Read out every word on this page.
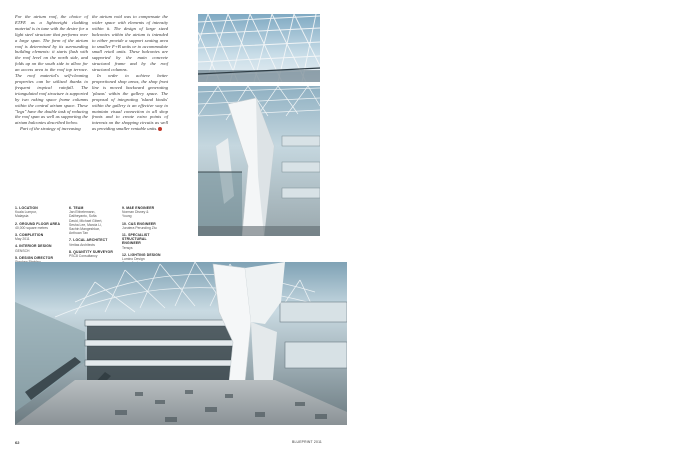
For the atrium roof, the choice of ETFE as a lightweight cladding material is in tune with the desire for a light steel structure that performs over a large span. The form of the atrium roof is determined by its surrounding building elements: it starts flush with the roof level on the north side, and folds up on the south side to allow for an access area to the roof top terrace. The roof material's self-cleaning properties can be utilised thanks to frequent tropical rainfall. The triangulated roof structure is supported by two raking space frame columns within the central atrium space. These "legs" have the double task of reducing the roof span as well as supporting the atrium balconies described below.

Part of the strategy of increasing

the atrium void was to compensate the wider space with elements of intensity within it. The design of large sized balconies within the atrium is intended to either provide a support seating area to smaller F+B units or to accommodate small retail units. These balconies are supported by the main concrete structural frame and by the roof structural columns.

In order to achieve better proportioned shop areas, the shop front line is moved backward generating 'plazas' within the gallery space. The proposal of integrating 'island kiosks' within the gallery is an effective way to maintain visual connection to all shop fronts and to create extra points of interests on the shopping circuits as well as providing smaller rentable units.

1. LOCATION
Kuala Lumpur,
Malaysia
2. GROUND FLOOR AREA
40,000 square metres
3. COMPLETION
May 2011
4. INTERIOR DESIGN
GENSCH
5. DESIGN DIRECTOR
6. TEAM
Jan Ebbelemann,
Daliheyanto, Sofia
David, Michael Gibert,
Sesha Lee, Marcia Li,
Sachin Mangeshkar,
Anthuan Tan
7. LOCAL ARCHITECT
Veritas Architects
8. QUANTITY SURVEYOR
PSC8 Consultancy
9. M&E ENGINEER
Norman Disney &
Young
10. C&S ENGINEER
Jurutera Perunding Ztu
11. SPECIALIST STRUCTURAL
ENGINEER
Tensys
12. LIGHTING DESIGN
Lumino Design

62	BLUEPRINT 2011
